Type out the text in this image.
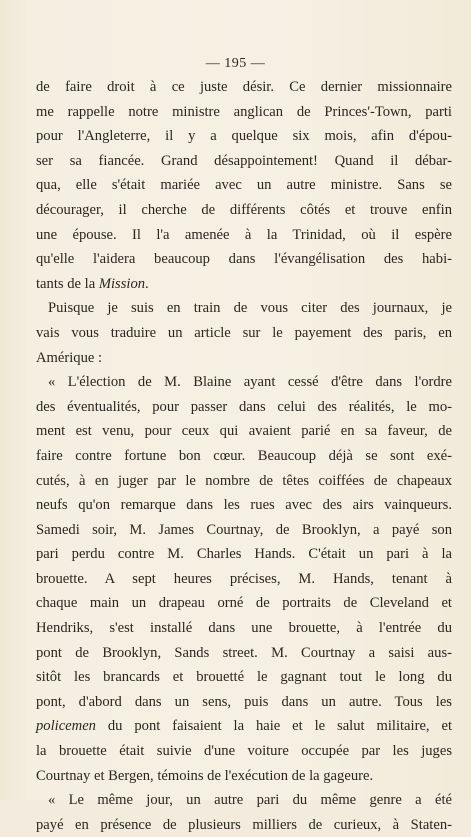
— 195 —
de faire droit à ce juste désir. Ce dernier missionnaire
me rappelle notre ministre anglican de Princes'-Town, parti
pour l'Angleterre, il y a quelque six mois, afin d'épou-
ser sa fiancée. Grand désappointement! Quand il débar-
qua, elle s'était mariée avec un autre ministre. Sans se
décourager, il cherche de différents côtés et trouve enfin
une épouse. Il l'a amenée à la Trinidad, où il espère
qu'elle l'aidera beaucoup dans l'évangélisation des habi-
tants de la Mission.
Puisque je suis en train de vous citer des journaux, je
vais vous traduire un article sur le payement des paris, en
Amérique :
« L'élection de M. Blaine ayant cessé d'être dans l'ordre
des éventualités, pour passer dans celui des réalités, le mo-
ment est venu, pour ceux qui avaient parié en sa faveur, de
faire contre fortune bon cœur. Beaucoup déjà se sont exé-
cutés, à en juger par le nombre de têtes coiffées de chapeaux
neufs qu'on remarque dans les rues avec des airs vainqueurs.
Samedi soir, M. James Courtnay, de Brooklyn, a payé son
pari perdu contre M. Charles Hands. C'était un pari à la
brouette. A sept heures précises, M. Hands, tenant à
chaque main un drapeau orné de portraits de Cleveland et
Hendriks, s'est installé dans une brouette, à l'entrée du
pont de Brooklyn, Sands street. M. Courtnay a saisi aus-
sitôt les brancards et brouetté le gagnant tout le long du
pont, d'abord dans un sens, puis dans un autre. Tous les
policemen du pont faisaient la haie et le salut militaire, et
la brouette était suivie d'une voiture occupée par les juges
Courtnay et Bergen, témoins de l'exécution de la gageure.
« Le même jour, un autre pari du même genre a été
payé en présence de plusieurs milliers de curieux, à Staten-
